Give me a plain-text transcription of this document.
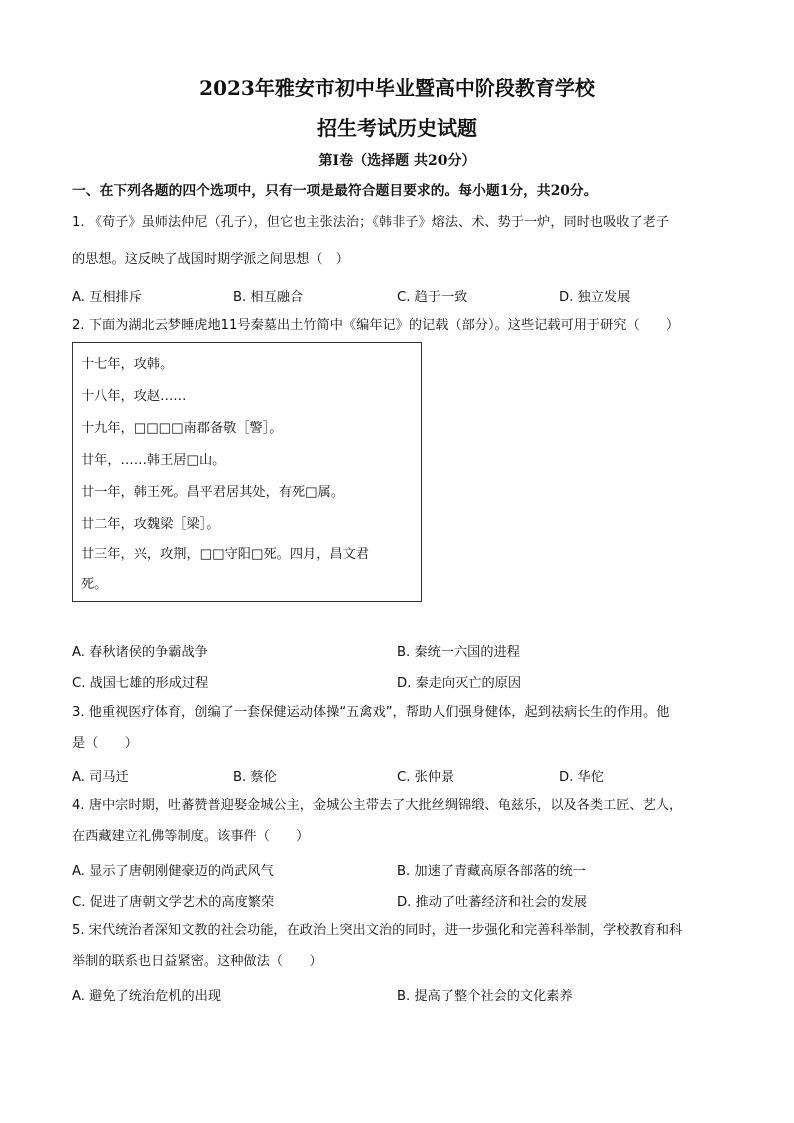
2023年雅安市初中毕业暨高中阶段教育学校
招生考试历史试题
第Ⅰ卷（选择题 共20分）
一、在下列各题的四个选项中，只有一项是最符合题目要求的。每小题1分，共20分。
1. 《荀子》虽师法仲尼（孔子），但它也主张法治；《韩非子》熔法、术、势于一炉，同时也吸收了老子
的思想。这反映了战国时期学派之间思想（　）
A. 互相排斥	B. 相互融合	C. 趋于一致	D. 独立发展
2. 下面为湖北云梦睡虎地11号秦墓出土竹简中《编年记》的记载（部分）。这些记载可用于研究（　　）
十七年，攻韩。
十八年，攻赵……
十九年，□□□□南郡备敬［警］。
廿年，……韩王居□山。
廿一年，韩王死。昌平君居其处，有死□属。
廿二年，攻魏梁［梁］。
廿三年，兴，攻荆，□□守阳□死。四月，昌文君
死。
A. 春秋诸侯的争霸战争	B. 秦统一六国的进程
C. 战国七雄的形成过程	D. 秦走向灭亡的原因
3. 他重视医疗体育，创编了一套保健运动体操“五禽戏”，帮助人们强身健体，起到祛病长生的作用。他
是（　　）
A. 司马迁	B. 蔡伦	C. 张仲景	D. 华佗
4. 唐中宗时期，吐蕃赞普迎娶金城公主，金城公主带去了大批丝绸锦缎、龟兹乐，以及各类工匠、艺人，
在西藏建立礼佛等制度。该事件（　　）
A. 显示了唐朝刚健豪迈的尚武风气	B. 加速了青藏高原各部落的统一
C. 促进了唐朝文学艺术的高度繁荣	D. 推动了吐蕃经济和社会的发展
5. 宋代统治者深知文教的社会功能，在政治上突出文治的同时，进一步强化和完善科举制，学校教育和科
举制的联系也日益紧密。这种做法（　　）
A. 避免了统治危机的出现	B. 提高了整个社会的文化素养
